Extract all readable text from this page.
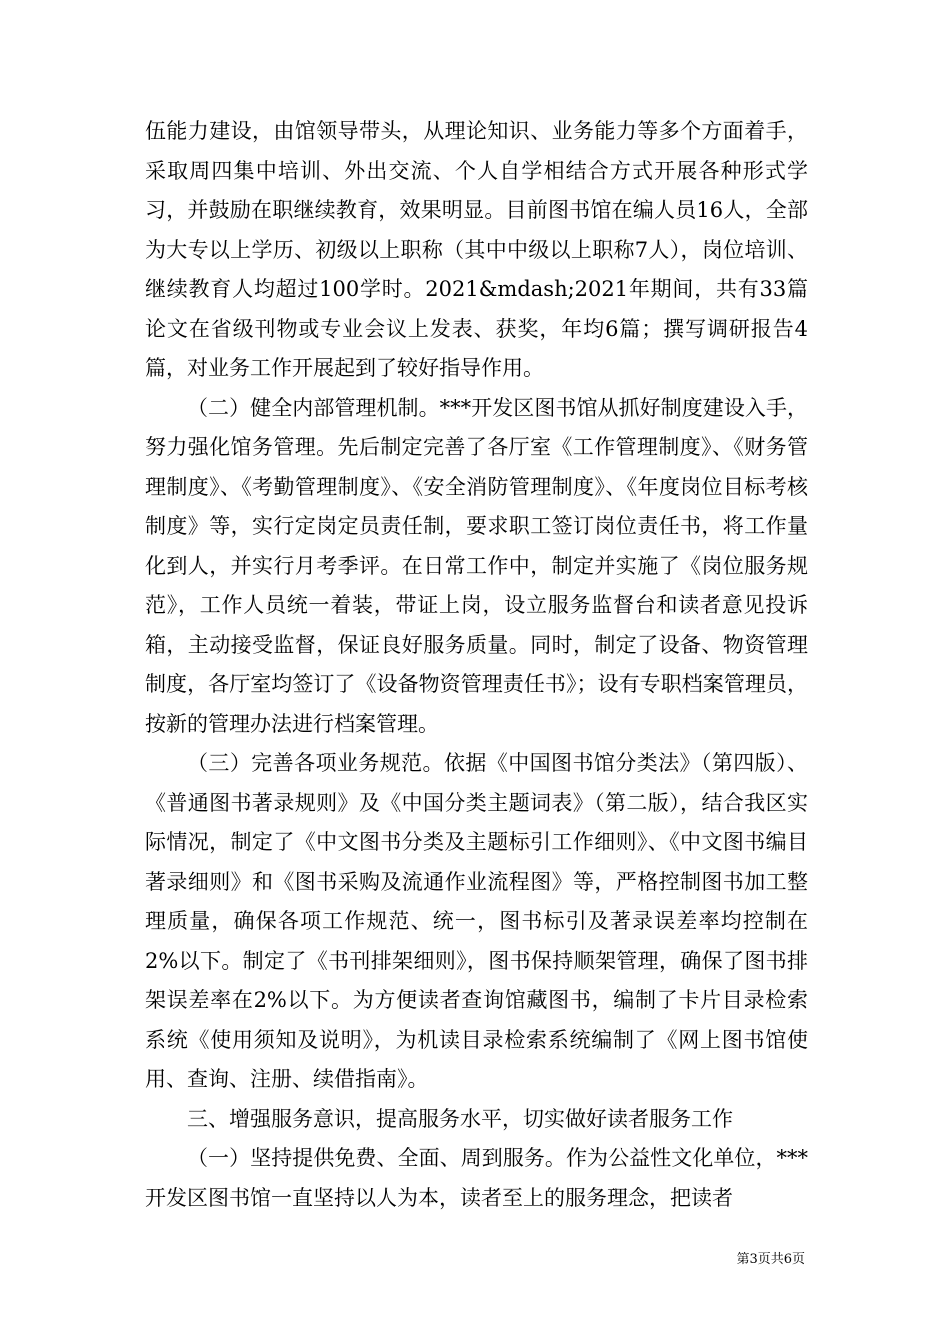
伍能力建设，由馆领导带头，从理论知识、业务能力等多个方面着手，采取周四集中培训、外出交流、个人自学相结合方式开展各种形式学习，并鼓励在职继续教育，效果明显。目前图书馆在编人员16人，全部为大专以上学历、初级以上职称（其中中级以上职称7人），岗位培训、继续教育人均超过100学时。2021&mdash;2021年期间，共有33篇论文在省级刊物或专业会议上发表、获奖，年均6篇；撰写调研报告4篇，对业务工作开展起到了较好指导作用。

（二）健全内部管理机制。***开发区图书馆从抓好制度建设入手，努力强化馆务管理。先后制定完善了各厅室《工作管理制度》、《财务管理制度》、《考勤管理制度》、《安全消防管理制度》、《年度岗位目标考核制度》等，实行定岗定员责任制，要求职工签订岗位责任书，将工作量化到人，并实行月考季评。在日常工作中，制定并实施了《岗位服务规范》，工作人员统一着装，带证上岗，设立服务监督台和读者意见投诉箱，主动接受监督，保证良好服务质量。同时，制定了设备、物资管理制度，各厅室均签订了《设备物资管理责任书》；设有专职档案管理员，按新的管理办法进行档案管理。

（三）完善各项业务规范。依据《中国图书馆分类法》（第四版）、《普通图书著录规则》及《中国分类主题词表》（第二版），结合我区实际情况，制定了《中文图书分类及主题标引工作细则》、《中文图书编目著录细则》和《图书采购及流通作业流程图》等，严格控制图书加工整理质量，确保各项工作规范、统一，图书标引及著录误差率均控制在2%以下。制定了《书刊排架细则》，图书保持顺架管理，确保了图书排架误差率在2%以下。为方便读者查询馆藏图书，编制了卡片目录检索系统《使用须知及说明》，为机读目录检索系统编制了《网上图书馆使用、查询、注册、续借指南》。

三、增强服务意识，提高服务水平，切实做好读者服务工作

（一）坚持提供免费、全面、周到服务。作为公益性文化单位，***开发区图书馆一直坚持以人为本，读者至上的服务理念，把读者

第3页共6页
